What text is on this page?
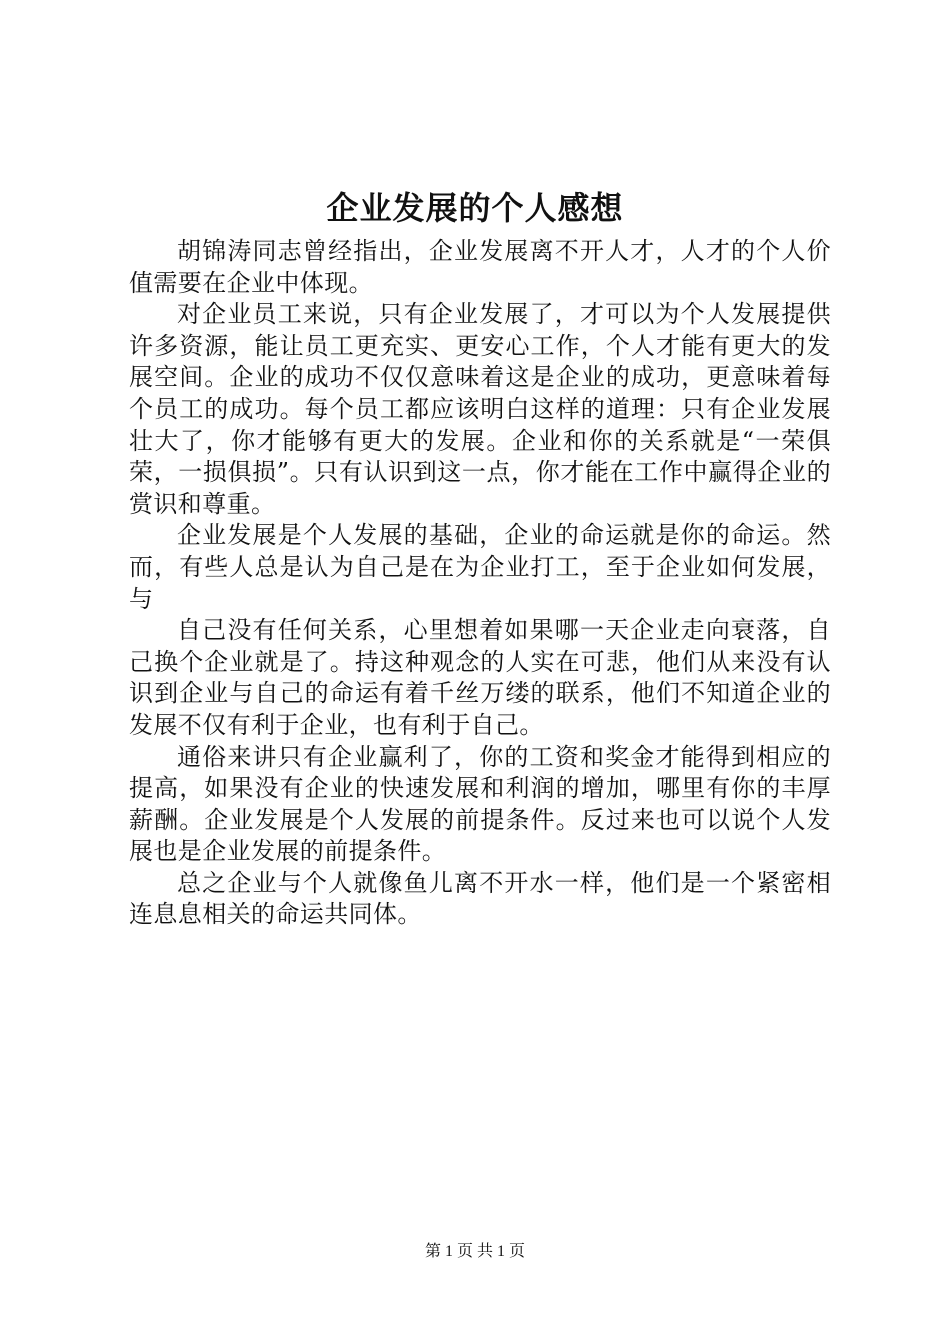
企业发展的个人感想

胡锦涛同志曾经指出，企业发展离不开人才，人才的个人价值需要在企业中体现。

对企业员工来说，只有企业发展了，才可以为个人发展提供许多资源，能让员工更充实、更安心工作，个人才能有更大的发展空间。企业的成功不仅仅意味着这是企业的成功，更意味着每个员工的成功。每个员工都应该明白这样的道理：只有企业发展壮大了，你才能够有更大的发展。企业和你的关系就是“一荣俱荣，一损俱损”。只有认识到这一点，你才能在工作中赢得企业的赏识和尊重。

企业发展是个人发展的基础，企业的命运就是你的命运。然而，有些人总是认为自己是在为企业打工，至于企业如何发展，与

自己没有任何关系，心里想着如果哪一天企业走向衰落，自己换个企业就是了。持这种观念的人实在可悲，他们从来没有认识到企业与自己的命运有着千丝万缕的联系，他们不知道企业的发展不仅有利于企业，也有利于自己。

通俗来讲只有企业赢利了，你的工资和奖金才能得到相应的提高，如果没有企业的快速发展和利润的增加，哪里有你的丰厚薪酬。企业发展是个人发展的前提条件。反过来也可以说个人发展也是企业发展的前提条件。

总之企业与个人就像鱼儿离不开水一样，他们是一个紧密相连息息相关的命运共同体。

第 1 页 共 1 页
